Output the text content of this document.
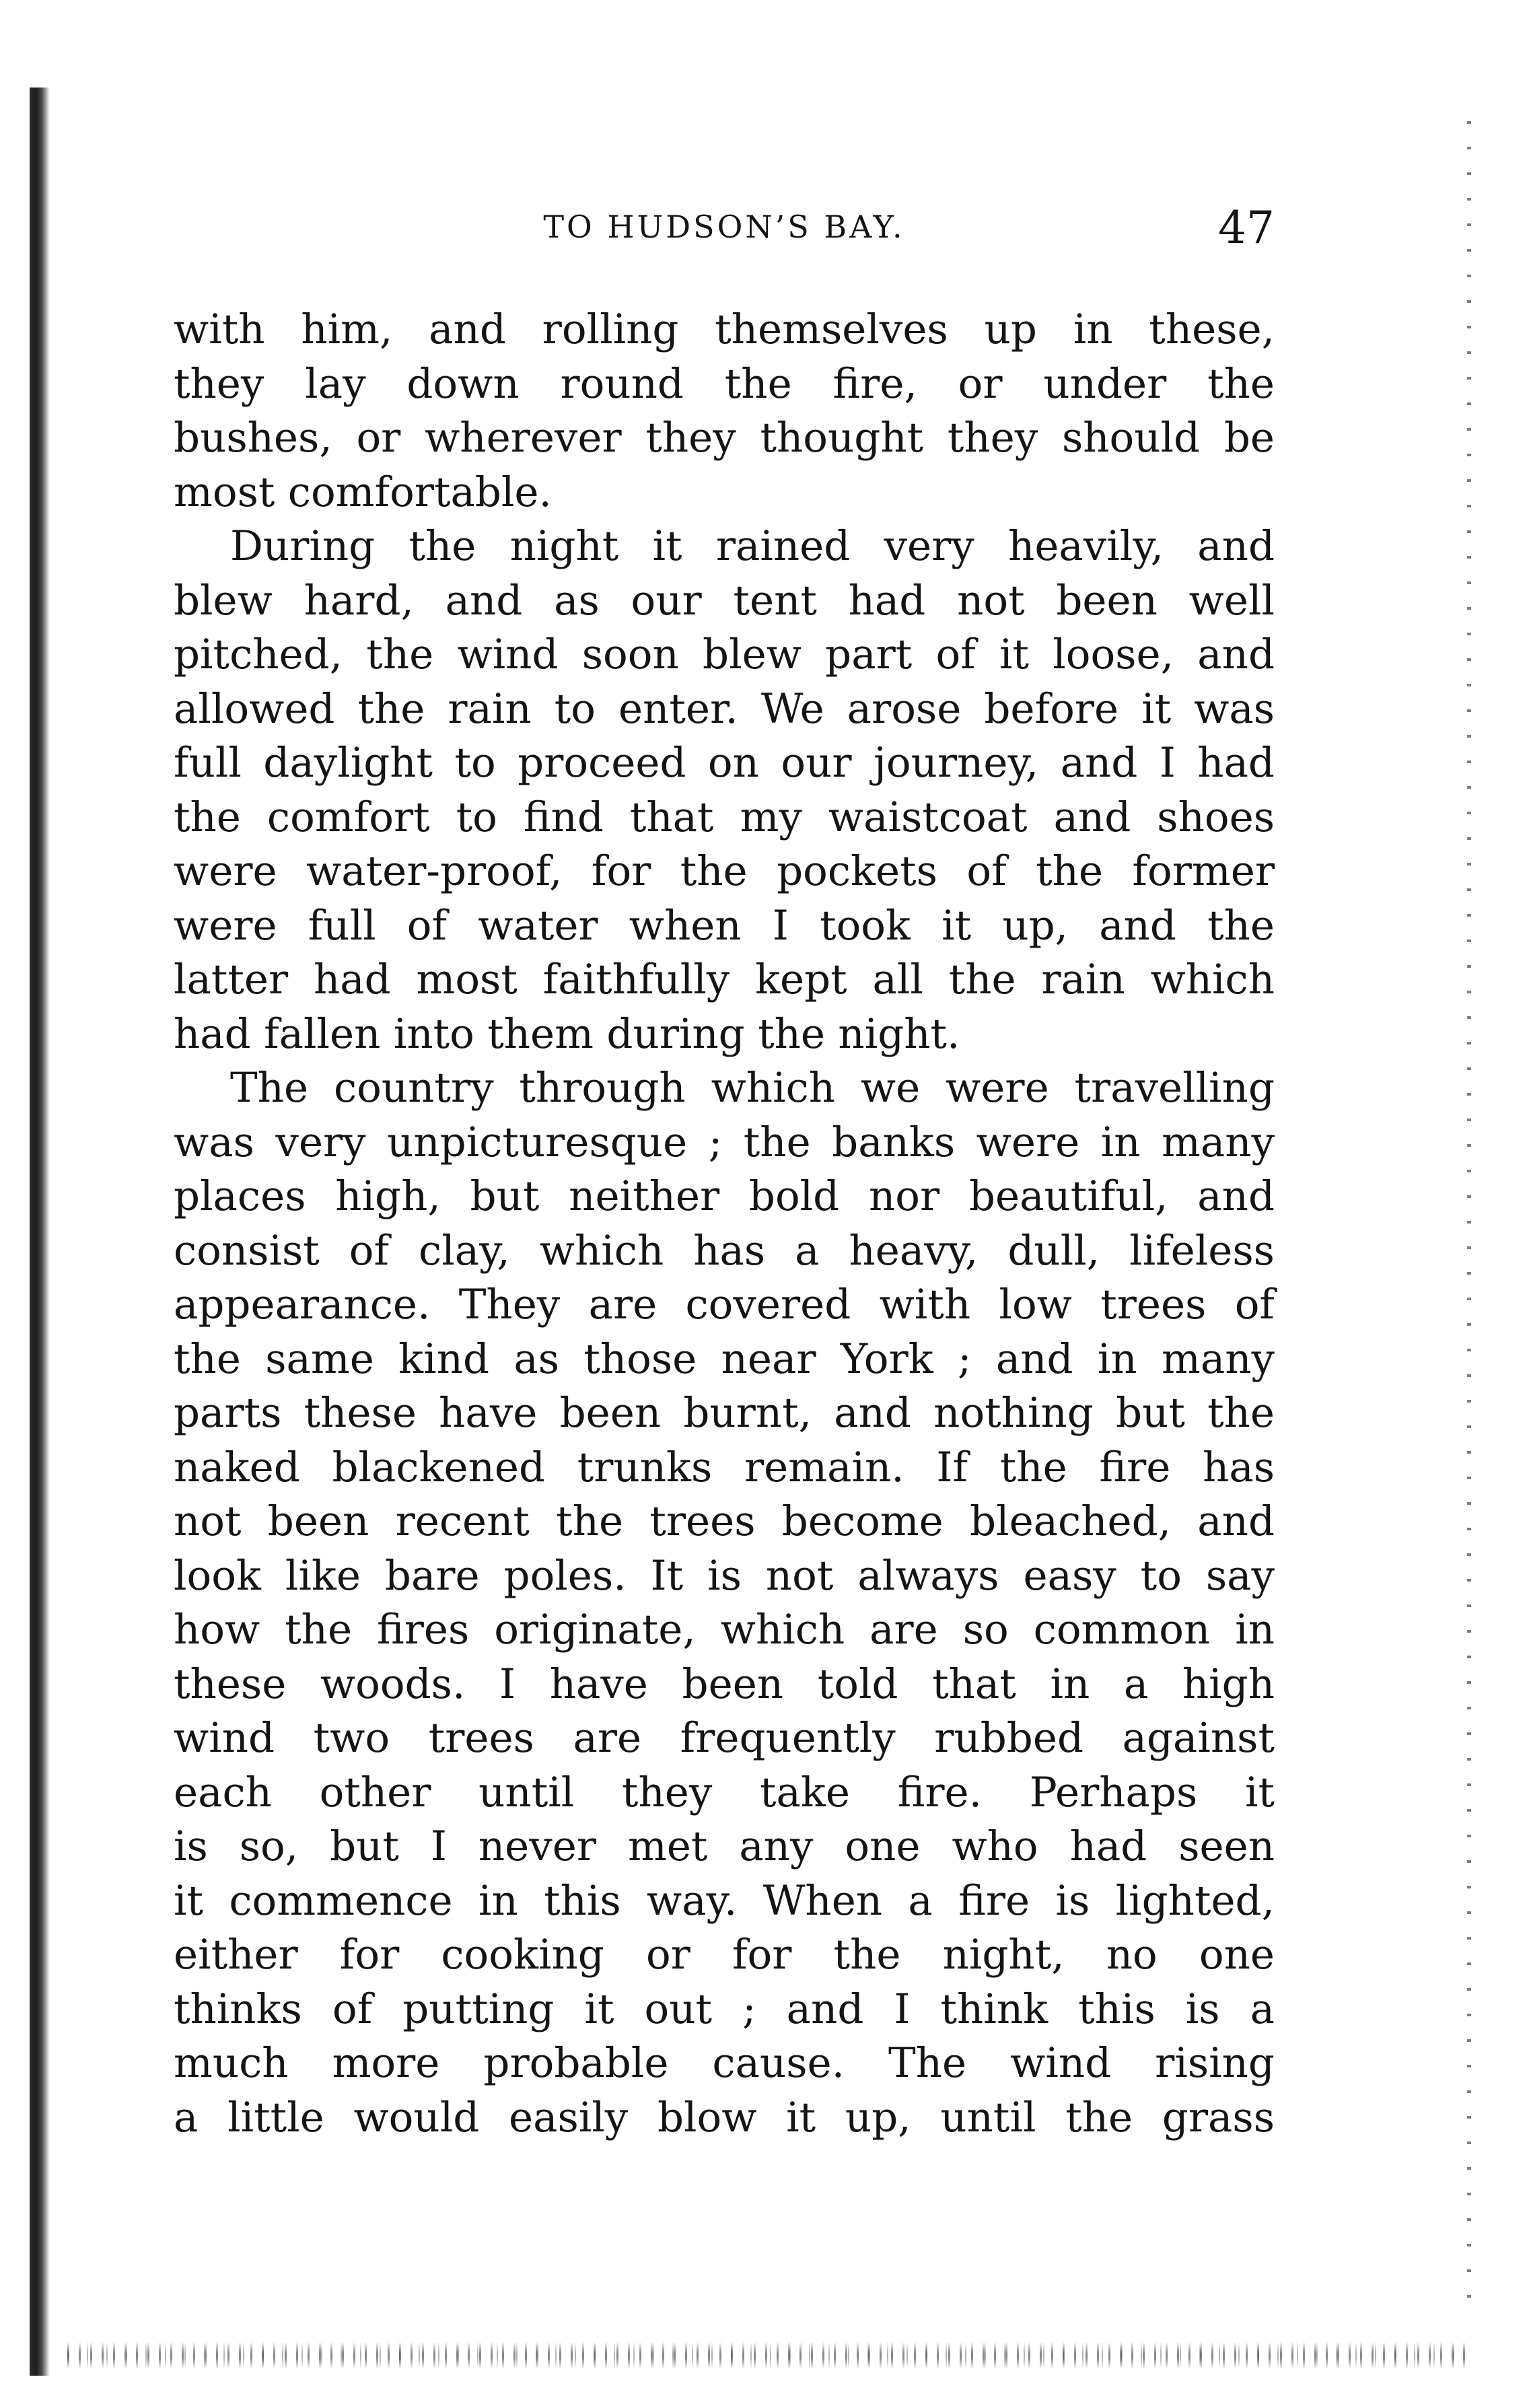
TO HUDSON’S BAY.	47
with him, and rolling themselves up in these,
they lay down round the fire, or under the
bushes, or wherever they thought they should be
most comfortable.
During the night it rained very heavily, and
blew hard, and as our tent had not been well
pitched, the wind soon blew part of it loose, and
allowed the rain to enter. We arose before it was
full daylight to proceed on our journey, and I had
the comfort to find that my waistcoat and shoes
were water-proof, for the pockets of the former
were full of water when I took it up, and the
latter had most faithfully kept all the rain which
had fallen into them during the night.
The country through which we were travelling
was very unpicturesque ; the banks were in many
places high, but neither bold nor beautiful, and
consist of clay, which has a heavy, dull, lifeless
appearance. They are covered with low trees of
the same kind as those near York ; and in many
parts these have been burnt, and nothing but the
naked blackened trunks remain. If the fire has
not been recent the trees become bleached, and
look like bare poles. It is not always easy to say
how the fires originate, which are so common in
these woods. I have been told that in a high
wind two trees are frequently rubbed against
each other until they take fire. Perhaps it
is so, but I never met any one who had seen
it commence in this way. When a fire is lighted,
either for cooking or for the night, no one
thinks of putting it out ; and I think this is a
much more probable cause. The wind rising
a little would easily blow it up, until the grass
